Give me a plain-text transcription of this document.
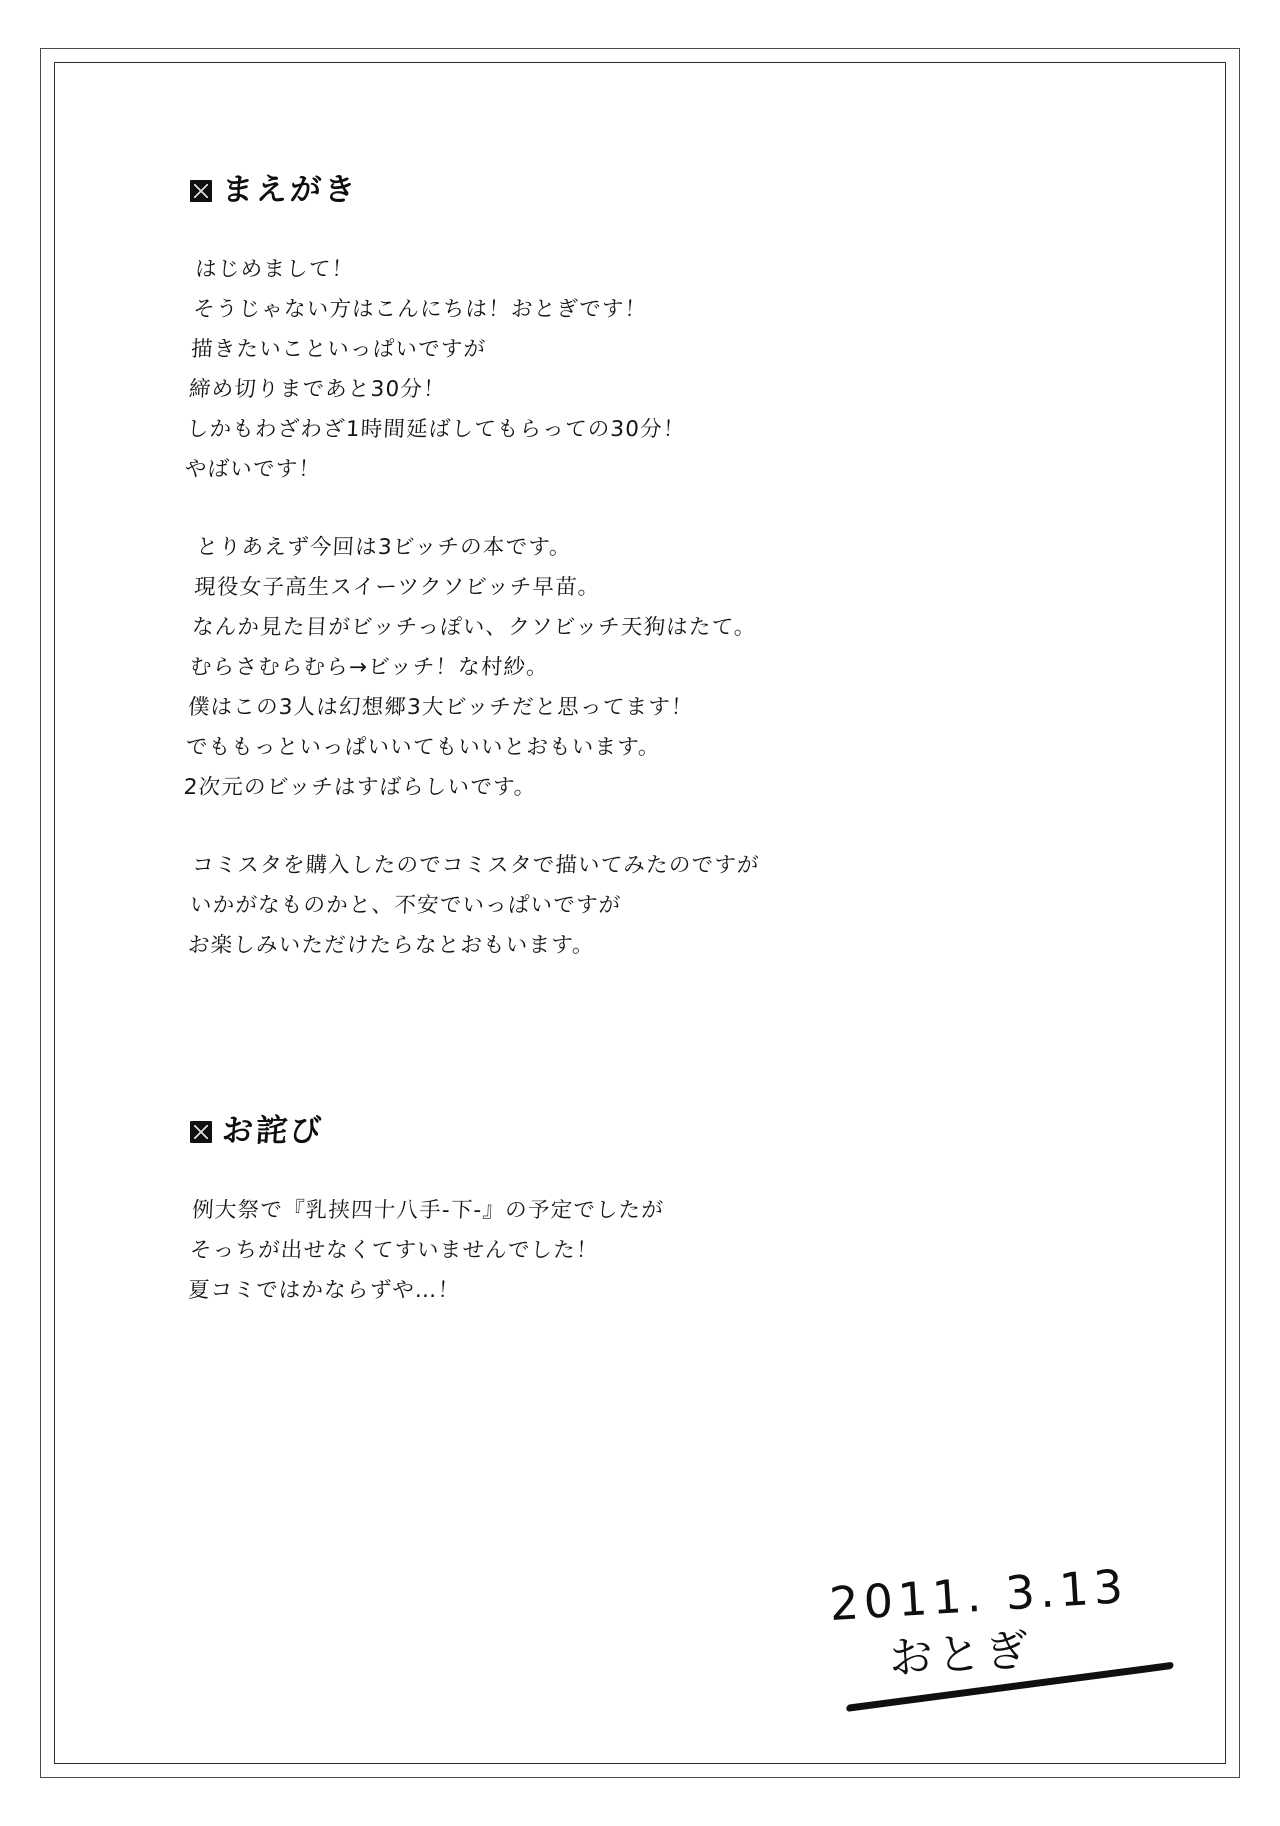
まえがき

はじめまして！
そうじゃない方はこんにちは！おとぎです！
描きたいこといっぱいですが
締め切りまであと30分！
しかもわざわざ1時間延ばしてもらっての30分！
やばいです！

とりあえず今回は3ビッチの本です。
現役女子高生スイーツクソビッチ早苗。
なんか見た目がビッチっぽい、クソビッチ天狗はたて。
むらさむらむら→ビッチ！な村紗。
僕はこの3人は幻想郷3大ビッチだと思ってます！
でももっといっぱいいてもいいとおもいます。
2次元のビッチはすばらしいです。

コミスタを購入したのでコミスタで描いてみたのですが
いかがなものかと、不安でいっぱいですが
お楽しみいただけたらなとおもいます。

お詫び

例大祭で『乳挟四十八手-下-』の予定でしたが
そっちが出せなくてすいませんでした！
夏コミではかならずや…！

2011. 3.13
おとぎ
